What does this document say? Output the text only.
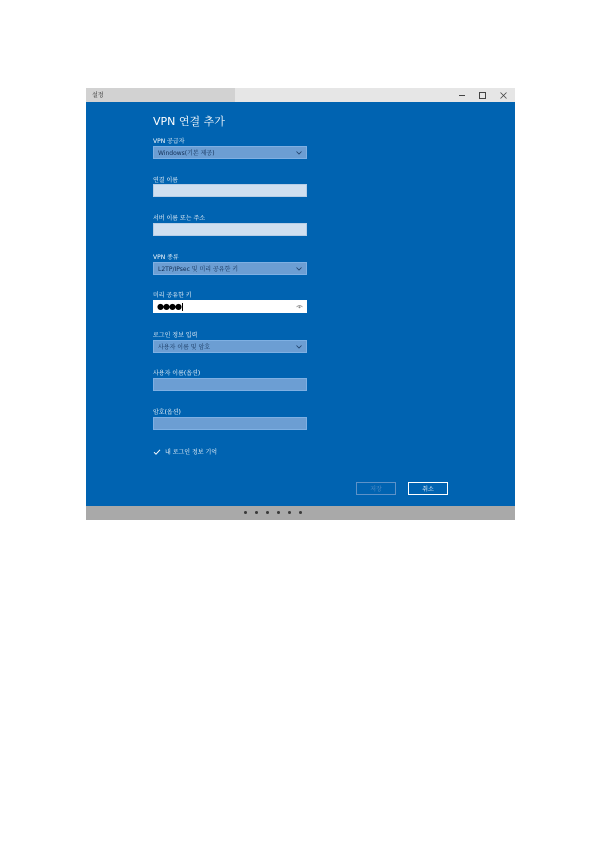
설정
VPN 연결 추가
VPN 공급자
Windows(기본 제공)
연결 이름
서버 이름 또는 주소
VPN 종류
L2TP/IPsec 및 미리 공유한 키
미리 공유한 키
●●●●
로그인 정보 입력
사용자 이름 및 암호
사용자 이름(옵션)
암호(옵션)
내 로그인 정보 기억
저장	취소
